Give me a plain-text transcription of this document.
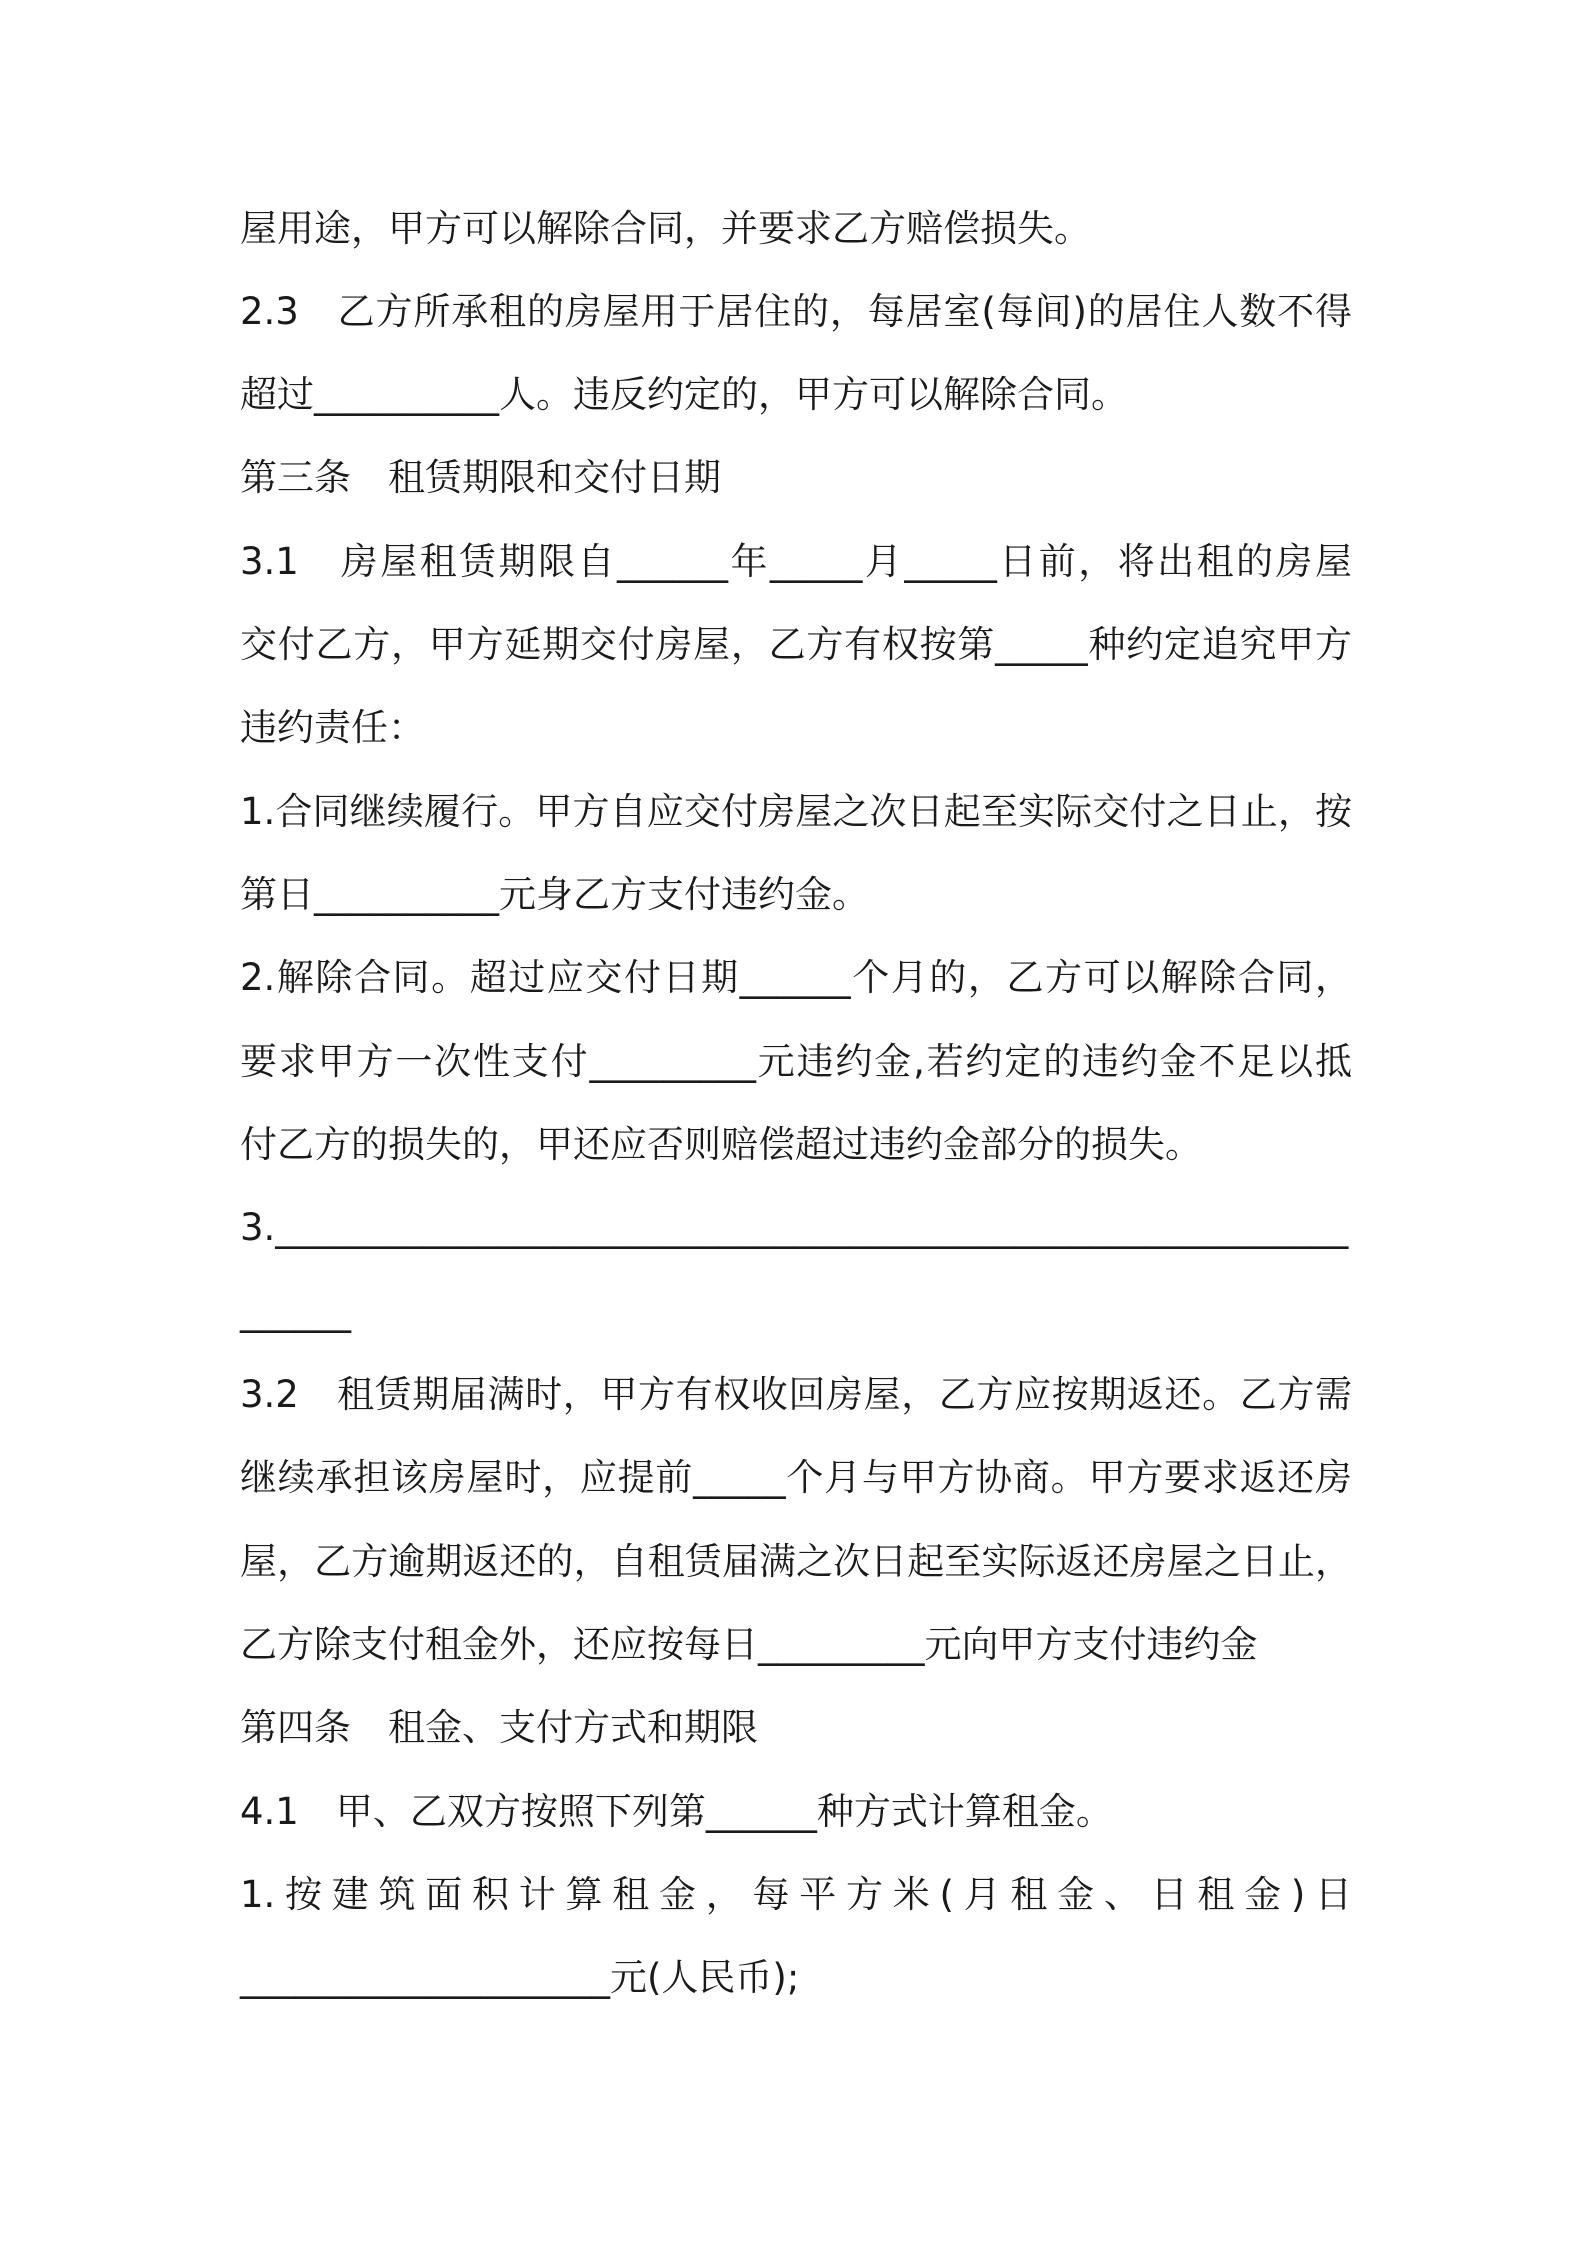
屋用途，甲方可以解除合同，并要求乙方赔偿损失。
2.3　乙方所承租的房屋用于居住的，每居室(每间)的居住人数不得
超过__________人。违反约定的，甲方可以解除合同。
第三条　租赁期限和交付日期
3.1　房屋租赁期限自______年_____月_____日前，将出租的房屋
交付乙方，甲方延期交付房屋，乙方有权按第_____种约定追究甲方
违约责任：
1.合同继续履行。甲方自应交付房屋之次日起至实际交付之日止，按
第日__________元身乙方支付违约金。
2.解除合同。超过应交付日期______个月的，乙方可以解除合同，
要求甲方一次性支付_________元违约金,若约定的违约金不足以抵
付乙方的损失的，甲还应否则赔偿超过违约金部分的损失。
3.__________________________________________________________
______
3.2　租赁期届满时，甲方有权收回房屋，乙方应按期返还。乙方需
继续承担该房屋时，应提前_____个月与甲方协商。甲方要求返还房
屋，乙方逾期返还的，自租赁届满之次日起至实际返还房屋之日止，
乙方除支付租金外，还应按每日_________元向甲方支付违约金
第四条　租金、支付方式和期限
4.1　甲、乙双方按照下列第______种方式计算租金。
1.按建筑面积计算租金，每平方米(月租金、日租金)日
____________________元(人民币);
